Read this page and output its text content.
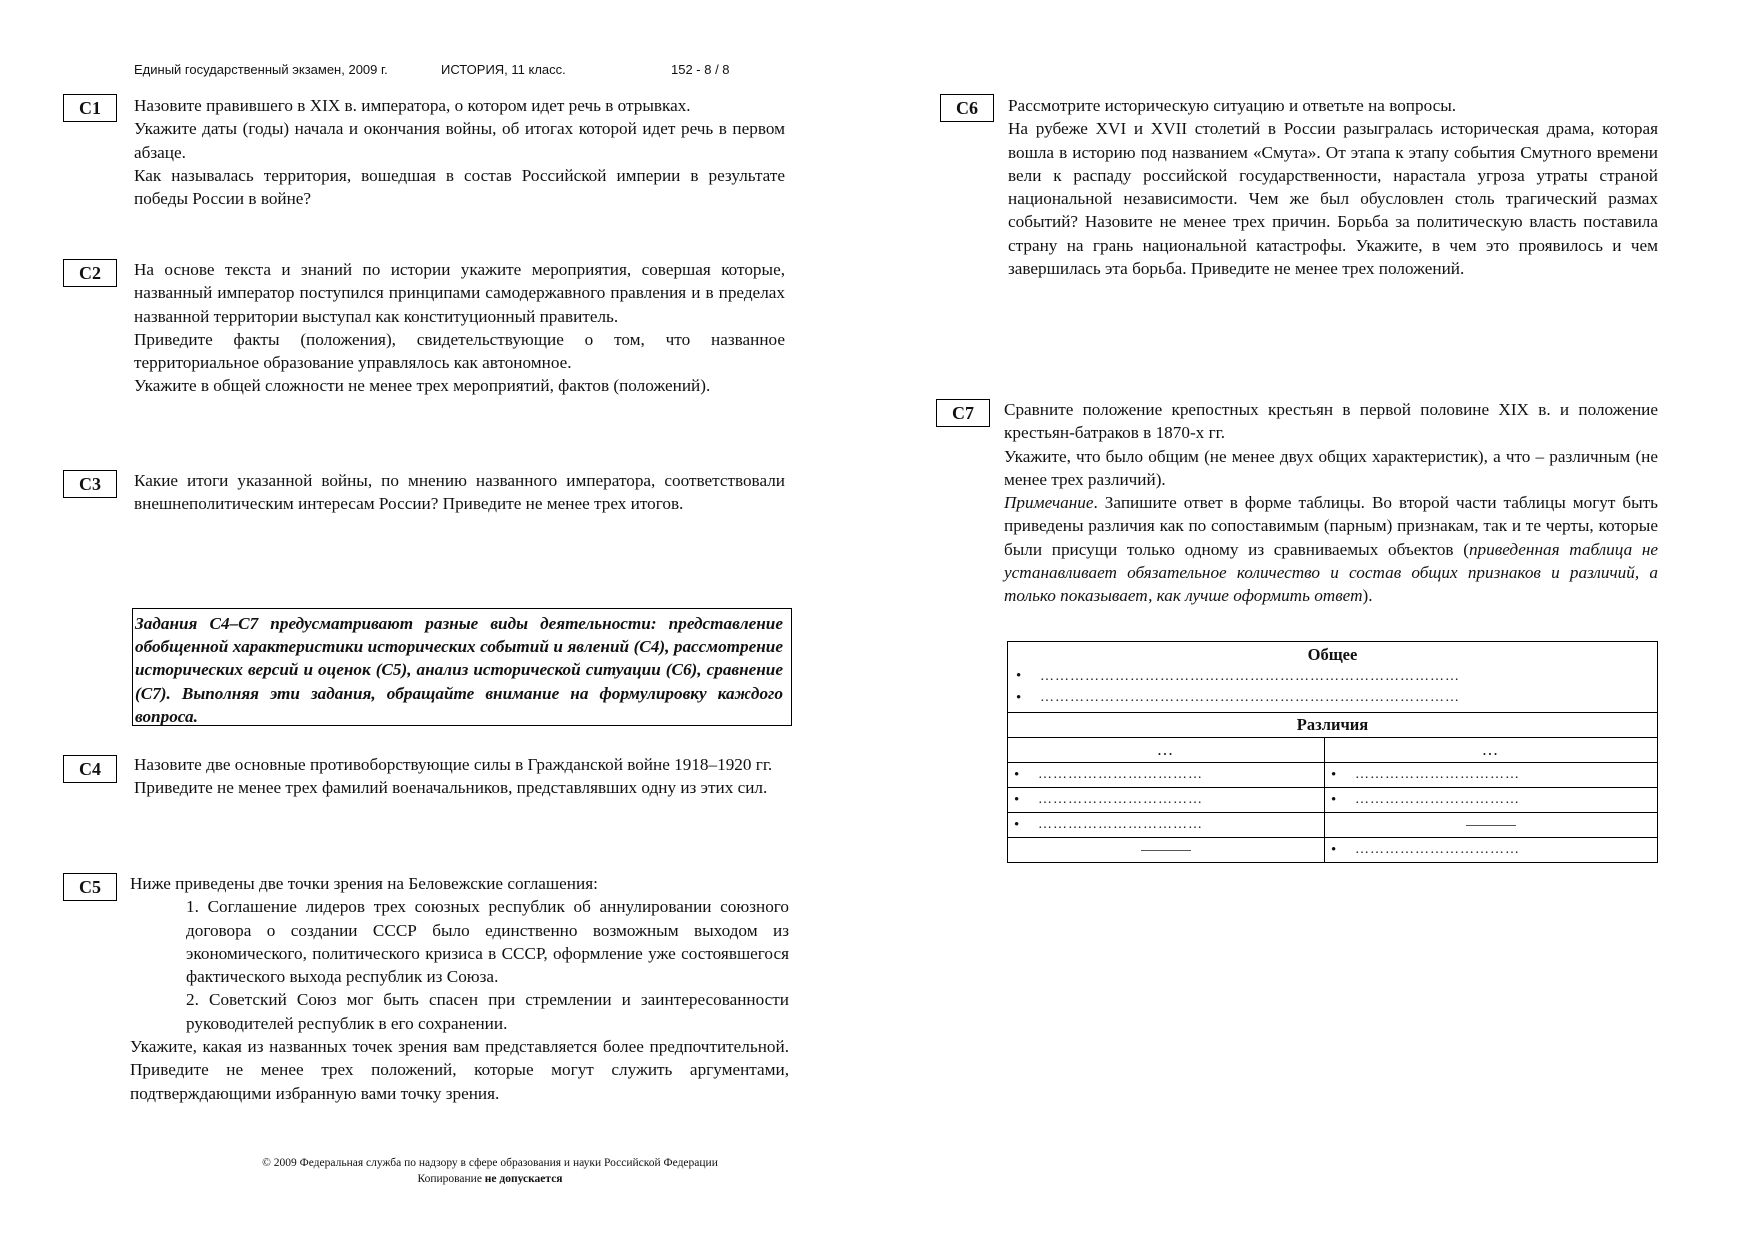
Единый государственный экзамен, 2009 г.	ИСТОРИЯ, 11 класс.	152 - 8 / 8
C1	Назовите правившего в XIX в. императора, о котором идет речь в отрывках.

Укажите даты (годы) начала и окончания войны, об итогах которой идет речь в первом абзаце.

Как называлась территория, вошедшая в состав Российской империи в результате победы России в войне?

C2	На основе текста и знаний по истории укажите мероприятия, совершая которые, названный император поступился принципами самодержавного правления и в пределах названной территории выступал как конституционный правитель.

Приведите факты (положения), свидетельствующие о том, что названное территориальное образование управлялось как автономное.

Укажите в общей сложности не менее трех мероприятий, фактов (положений).

C3	Какие итоги указанной войны, по мнению названного императора, соответствовали внешнеполитическим интересам России? Приведите не менее трех итогов.

Задания С4–С7 предусматривают разные виды деятельности: представление обобщенной характеристики исторических событий и явлений (С4), рассмотрение исторических версий и оценок (С5), анализ исторической ситуации (С6), сравнение (С7). Выполняя эти задания, обращайте внимание на формулировку каждого вопроса.
C4	Назовите две основные противоборствующие силы в Гражданской войне 1918–1920 гг.

Приведите не менее трех фамилий военачальников, представлявших одну из этих сил.

C5	Ниже приведены две точки зрения на Беловежские соглашения:

1. Соглашение лидеров трех союзных республик об аннулировании союзного договора о создании СССР было единственно возможным выходом из экономического, политического кризиса в СССР, оформление уже состоявшегося фактического выхода республик из Союза.

2. Советский Союз мог быть спасен при стремлении и заинтересованности руководителей республик в его сохранении.

Укажите, какая из названных точек зрения вам представляется более предпочтительной. Приведите не менее трех положений, которые могут служить аргументами, подтверждающими избранную вами точку зрения.

© 2009 Федеральная служба по надзору в сфере образования и науки Российской Федерации
Копирование не допускается
C6	Рассмотрите историческую ситуацию и ответьте на вопросы.

На рубеже XVI и XVII столетий в России разыгралась историческая драма, которая вошла в историю под названием «Смута». От этапа к этапу события Смутного времени вели к распаду российской государственности, нарастала угроза утраты страной национальной независимости. Чем же был обусловлен столь трагический размах событий? Назовите не менее трех причин. Борьба за политическую власть поставила страну на грань национальной катастрофы. Укажите, в чем это проявилось и чем завершилась эта борьба. Приведите не менее трех положений.

C7	Сравните положение крепостных крестьян в первой половине XIX в. и положение крестьян-батраков в 1870-х гг.

Укажите, что было общим (не менее двух общих характеристик), а что – различным (не менее трех различий).

Примечание. Запишите ответ в форме таблицы. Во второй части таблицы могут быть приведены различия как по сопоставимым (парным) признакам, так и те черты, которые были присущи только одному из сравниваемых объектов (приведенная таблица не устанавливает обязательное количество и состав общих признаков и различий, а только показывает, как лучше оформить ответ).

Общее
• …………………………………………………………………………
• …………………………………………………………………………	

Различия	
…	…

• ……………………………	• ……………………………

• ……………………………	• ……………………………

• ……………………………	

	• ……………………………
